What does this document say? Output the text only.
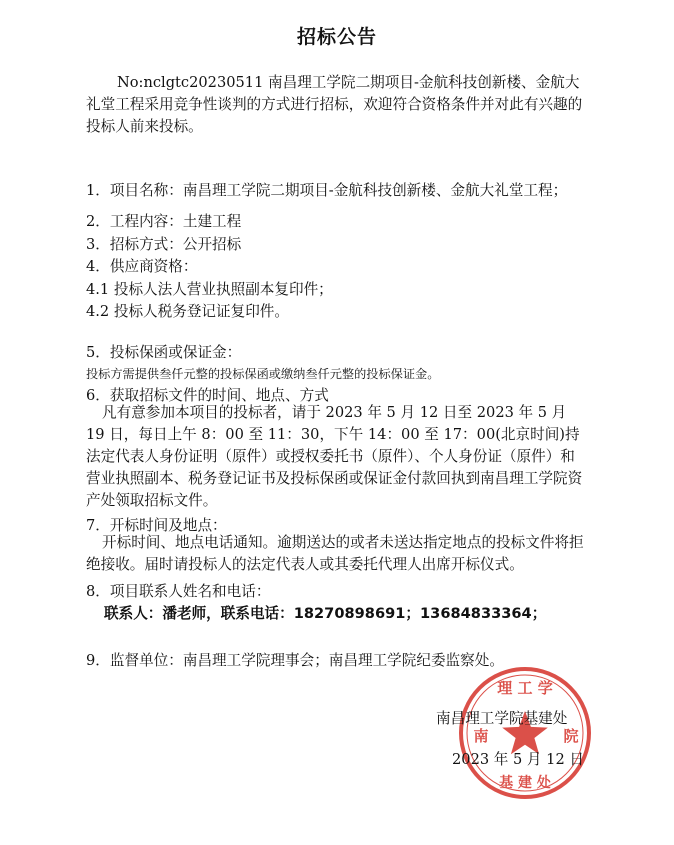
招标公告
No:nclgtc20230511 南昌理工学院二期项目-金航科技创新楼、金航大礼堂工程采用竞争性谈判的方式进行招标，欢迎符合资格条件并对此有兴趣的投标人前来投标。
1．项目名称：南昌理工学院二期项目-金航科技创新楼、金航大礼堂工程；
2．工程内容：土建工程
3．招标方式：公开招标
4．供应商资格：
4.1 投标人法人营业执照副本复印件；
4.2 投标人税务登记证复印件。
5．投标保函或保证金：
投标方需提供叁仟元整的投标保函或缴纳叁仟元整的投标保证金。
6．获取招标文件的时间、地点、方式
凡有意参加本项目的投标者，请于 2023 年 5 月 12 日至 2023 年 5 月 19 日，每日上午 8：00 至 11：30，下午 14：00 至 17：00(北京时间)持法定代表人身份证明（原件）或授权委托书（原件）、个人身份证（原件）和营业执照副本、税务登记证书及投标保函或保证金付款回执到南昌理工学院资产处领取招标文件。
7．开标时间及地点：
开标时间、地点电话通知。逾期送达的或者未送达指定地点的投标文件将拒绝接收。届时请投标人的法定代表人或其委托代理人出席开标仪式。
8．项目联系人姓名和电话：
联系人：潘老师，联系电话：18270898691；13684833364；
9．监督单位：南昌理工学院理事会；南昌理工学院纪委监察处。
理 工 学
南	院
基 建 处
南昌理工学院基建处
2023 年 5 月 12 日
